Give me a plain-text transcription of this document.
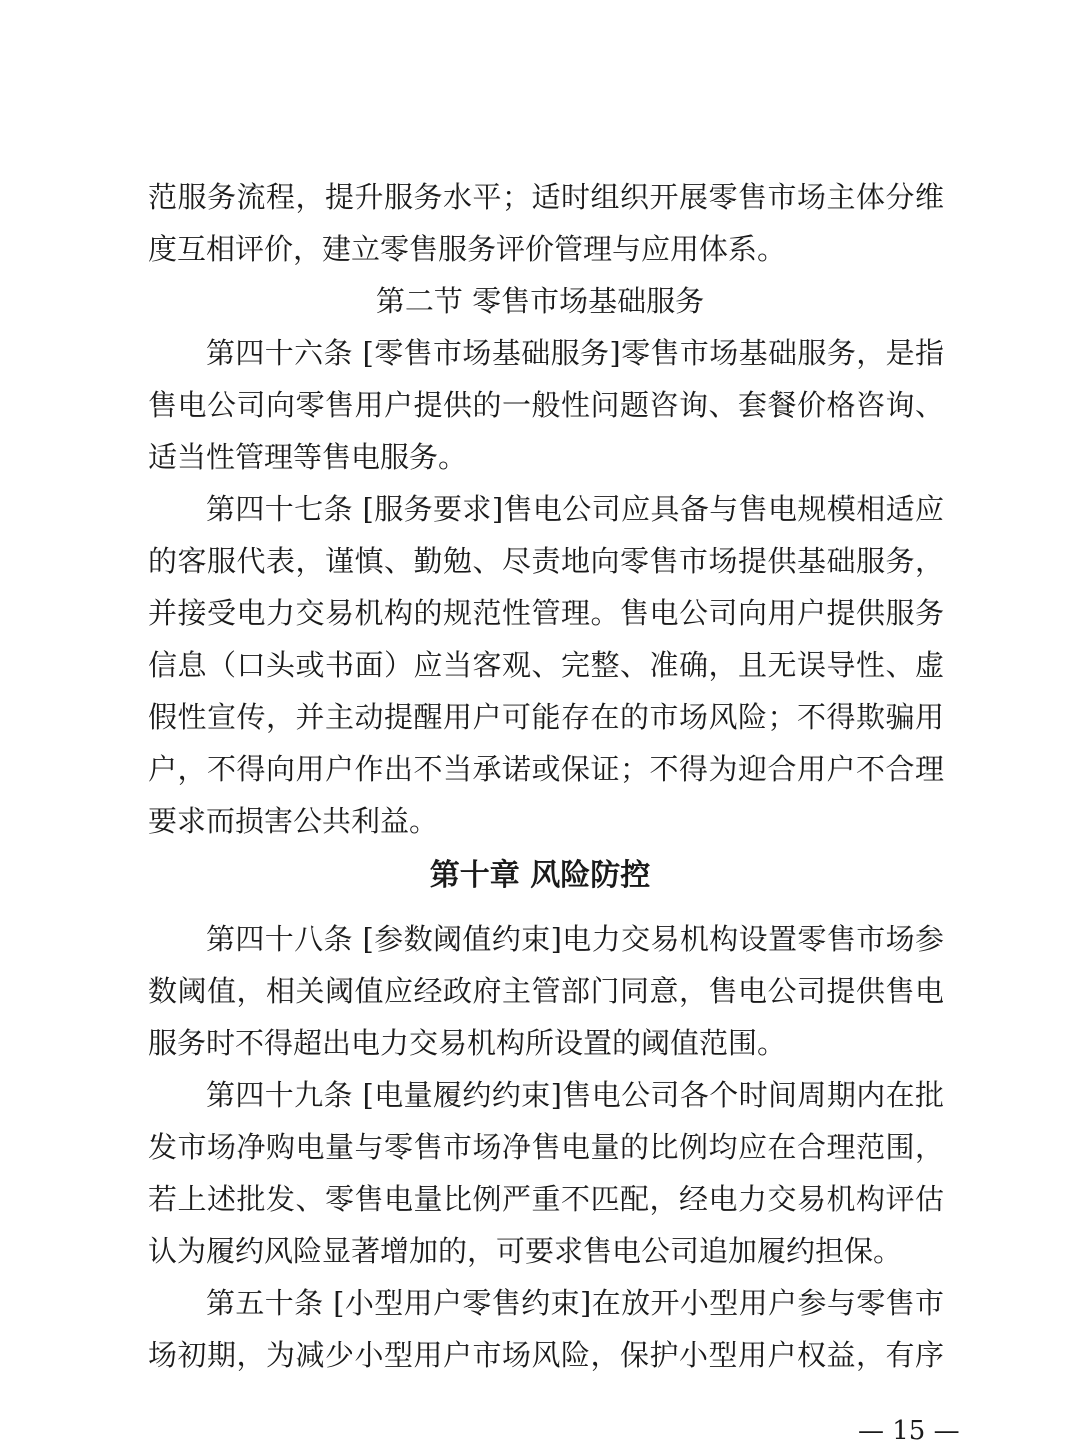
范服务流程，提升服务水平；适时组织开展零售市场主体分维
度互相评价，建立零售服务评价管理与应用体系。
第二节 零售市场基础服务
第四十六条 [零售市场基础服务]零售市场基础服务，是指
售电公司向零售用户提供的一般性问题咨询、套餐价格咨询、
适当性管理等售电服务。
第四十七条 [服务要求]售电公司应具备与售电规模相适应
的客服代表，谨慎、勤勉、尽责地向零售市场提供基础服务，
并接受电力交易机构的规范性管理。售电公司向用户提供服务
信息（口头或书面）应当客观、完整、准确，且无误导性、虚
假性宣传，并主动提醒用户可能存在的市场风险；不得欺骗用
户，不得向用户作出不当承诺或保证；不得为迎合用户不合理
要求而损害公共利益。
第十章 风险防控
第四十八条 [参数阈值约束]电力交易机构设置零售市场参
数阈值，相关阈值应经政府主管部门同意，售电公司提供售电
服务时不得超出电力交易机构所设置的阈值范围。
第四十九条 [电量履约约束]售电公司各个时间周期内在批
发市场净购电量与零售市场净售电量的比例均应在合理范围，
若上述批发、零售电量比例严重不匹配，经电力交易机构评估
认为履约风险显著增加的，可要求售电公司追加履约担保。
第五十条 [小型用户零售约束]在放开小型用户参与零售市
场初期，为减少小型用户市场风险，保护小型用户权益，有序
— 15 —
